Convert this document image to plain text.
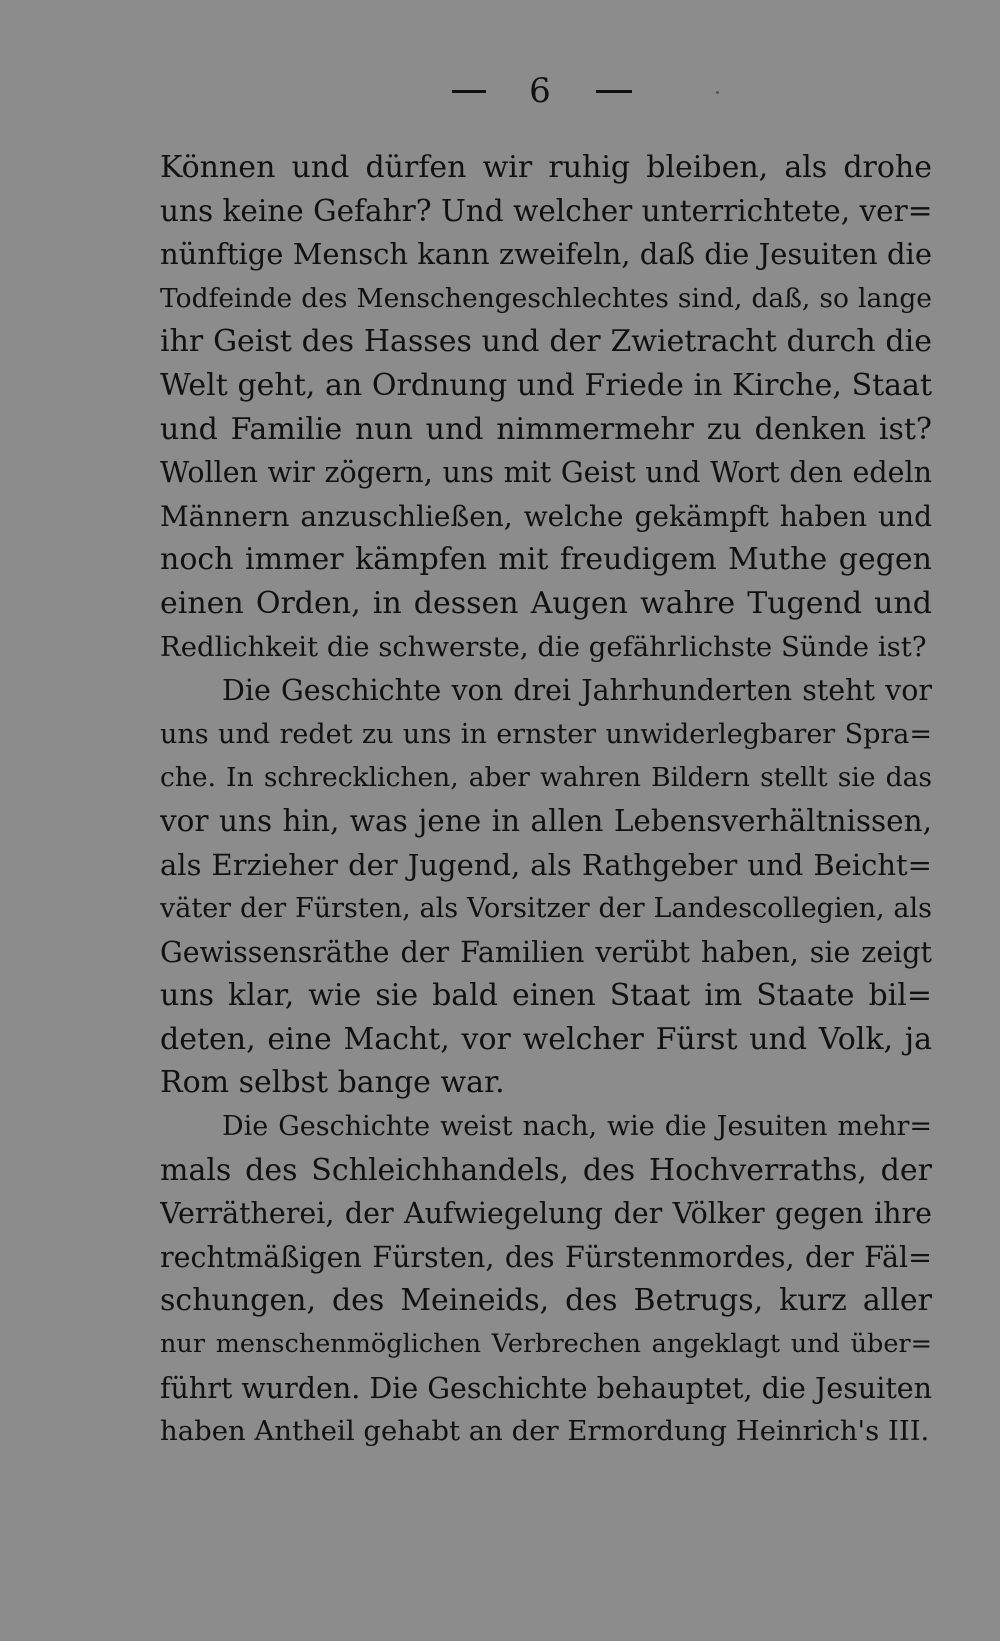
6
Können und dürfen wir ruhig bleiben, als drohe
uns keine Gefahr? Und welcher unterrichtete, ver=
nünftige Mensch kann zweifeln, daß die Jesuiten die
Todfeinde des Menschengeschlechtes sind, daß, so lange
ihr Geist des Hasses und der Zwietracht durch die
Welt geht, an Ordnung und Friede in Kirche, Staat
und Familie nun und nimmermehr zu denken ist?
Wollen wir zögern, uns mit Geist und Wort den edeln
Männern anzuschließen, welche gekämpft haben und
noch immer kämpfen mit freudigem Muthe gegen
einen Orden, in dessen Augen wahre Tugend und
Redlichkeit die schwerste, die gefährlichste Sünde ist?
Die Geschichte von drei Jahrhunderten steht vor
uns und redet zu uns in ernster unwiderlegbarer Spra=
che. In schrecklichen, aber wahren Bildern stellt sie das
vor uns hin, was jene in allen Lebensverhältnissen,
als Erzieher der Jugend, als Rathgeber und Beicht=
väter der Fürsten, als Vorsitzer der Landescollegien, als
Gewissensräthe der Familien verübt haben, sie zeigt
uns klar, wie sie bald einen Staat im Staate bil=
deten, eine Macht, vor welcher Fürst und Volk, ja
Rom selbst bange war.
Die Geschichte weist nach, wie die Jesuiten mehr=
mals des Schleichhandels, des Hochverraths, der
Verrätherei, der Aufwiegelung der Völker gegen ihre
rechtmäßigen Fürsten, des Fürstenmordes, der Fäl=
schungen, des Meineids, des Betrugs, kurz aller
nur menschenmöglichen Verbrechen angeklagt und über=
führt wurden. Die Geschichte behauptet, die Jesuiten
haben Antheil gehabt an der Ermordung Heinrich's III.
